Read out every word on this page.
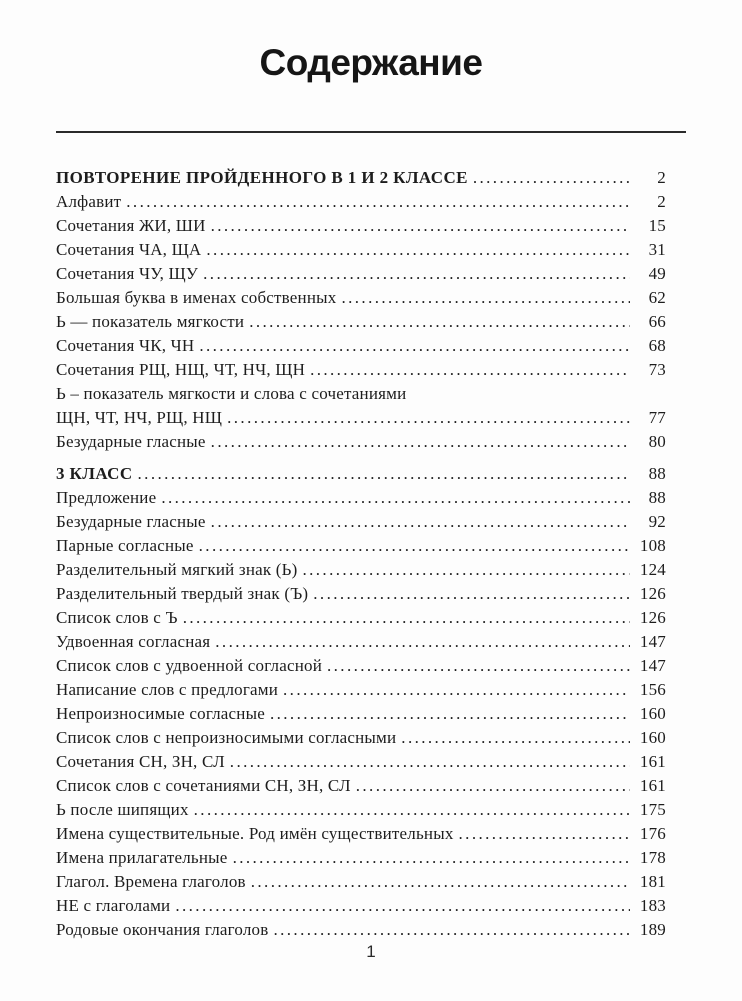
Содержание
ПОВТОРЕНИЕ ПРОЙДЕННОГО В 1 И 2 КЛАССЕ .....	2
Алфавит .....	2
Сочетания ЖИ, ШИ .....	15
Сочетания ЧА, ЩА .....	31
Сочетания ЧУ, ЩУ .....	49
Большая буква в именах собственных .....	62
Ь — показатель мягкости .....	66
Сочетания ЧК, ЧН .....	68
Сочетания РЩ, НЩ, ЧТ, НЧ, ЩН .....	73
Ь – показатель мягкости и слова с сочетаниями
ЩН, ЧТ, НЧ, РЩ, НЩ .....	77
Безударные гласные .....	80
3 КЛАСС .....	88
Предложение .....	88
Безударные гласные .....	92
Парные согласные .....	108
Разделительный мягкий знак (Ь) .....	124
Разделительный твердый знак (Ъ) .....	126
Список слов с Ъ .....	126
Удвоенная согласная .....	147
Список слов с удвоенной согласной .....	147
Написание слов с предлогами .....	156
Непроизносимые согласные .....	160
Список слов с непроизносимыми согласными .....	160
Сочетания СН, ЗН, СЛ .....	161
Список слов с сочетаниями СН, ЗН, СЛ .....	161
Ь после шипящих .....	175
Имена существительные. Род имён существительных .....	176
Имена прилагательные .....	178
Глагол. Времена глаголов .....	181
НЕ с глаголами .....	183
Родовые окончания глаголов .....	189
1
